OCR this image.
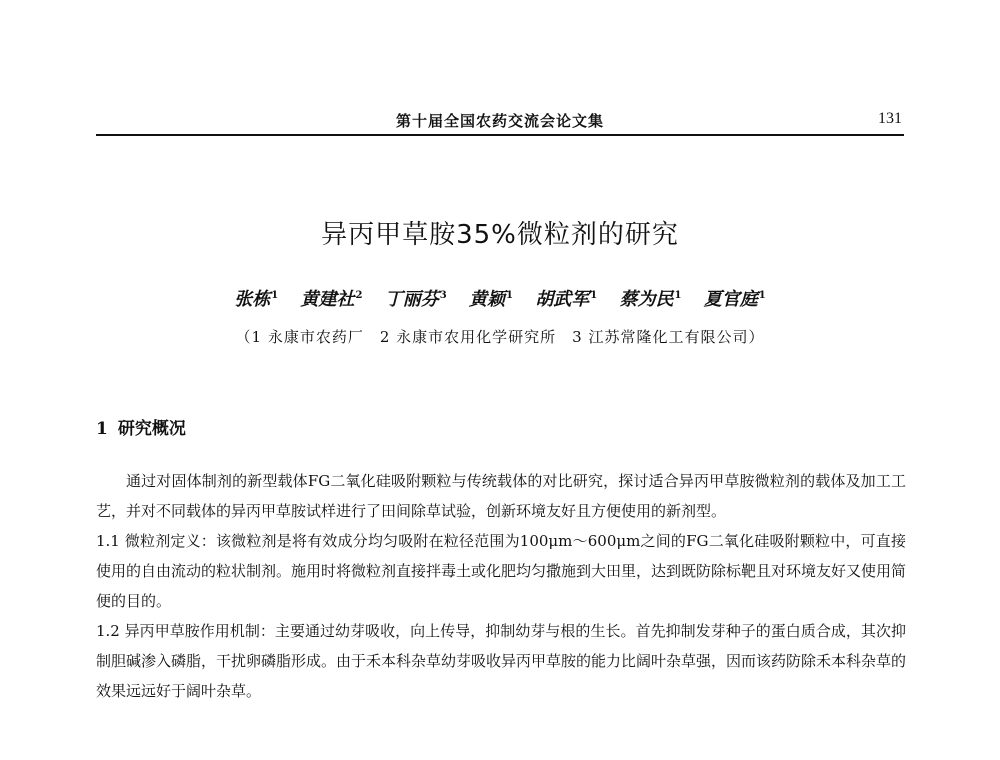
第十届全国农药交流会论文集	131
异丙甲草胺35%微粒剂的研究
张栋$^1$ 黄建社$^2$ 丁丽芬$^3$ 黄颖$^1$ 胡武军$^1$ 蔡为民$^1$ 夏官庭$^1$
（1 永康市农药厂　2 永康市农用化学研究所　3 江苏常隆化工有限公司）
1 研究概况

通过对固体制剂的新型载体FG二氧化硅吸附颗粒与传统载体的对比研究，探讨适合异丙甲草胺微粒剂的载体及加工工艺，并对不同载体的异丙甲草胺试样进行了田间除草试验，创新环境友好且方便使用的新剂型。

1.1 微粒剂定义：该微粒剂是将有效成分均匀吸附在粒径范围为100μm～600μm之间的FG二氧化硅吸附颗粒中，可直接使用的自由流动的粒状制剂。施用时将微粒剂直接拌毒土或化肥均匀撒施到大田里，达到既防除标靶且对环境友好又使用简便的目的。

1.2 异丙甲草胺作用机制：主要通过幼芽吸收，向上传导，抑制幼芽与根的生长。首先抑制发芽种子的蛋白质合成，其次抑制胆碱渗入磷脂，干扰卵磷脂形成。由于禾本科杂草幼芽吸收异丙甲草胺的能力比阔叶杂草强，因而该药防除禾本科杂草的效果远远好于阔叶杂草。
